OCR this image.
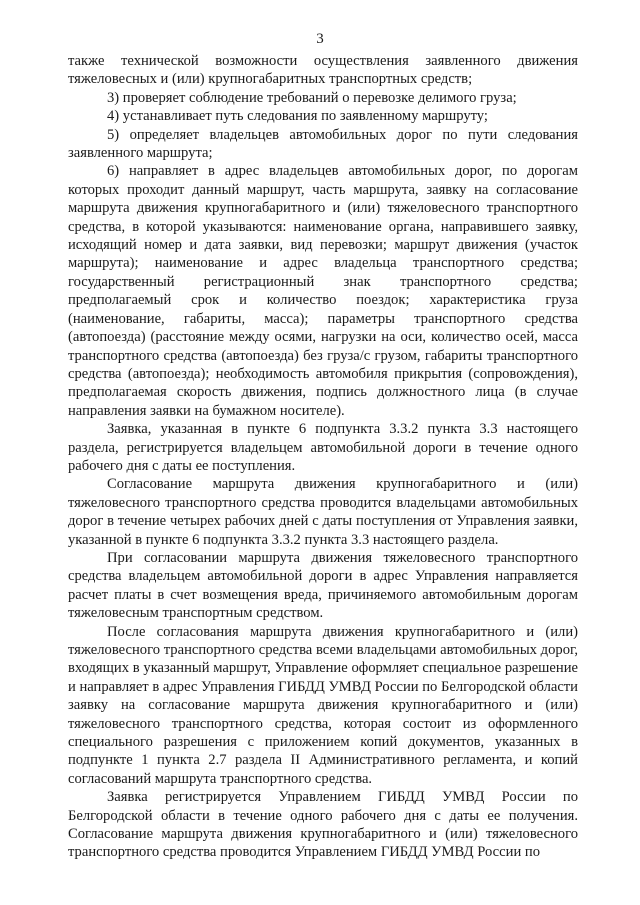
3

также технической возможности осуществления заявленного движения тяжеловесных и (или) крупногабаритных транспортных средств;

3) проверяет соблюдение требований о перевозке делимого груза;

4) устанавливает путь следования по заявленному маршруту;

5) определяет владельцев автомобильных дорог по пути следования заявленного маршрута;

6) направляет в адрес владельцев автомобильных дорог, по дорогам которых проходит данный маршрут, часть маршрута, заявку на согласование маршрута движения крупногабаритного и (или) тяжеловесного транспортного средства, в которой указываются: наименование органа, направившего заявку, исходящий номер и дата заявки, вид перевозки; маршрут движения (участок маршрута); наименование и адрес владельца транспортного средства; государственный регистрационный знак транспортного средства; предполагаемый срок и количество поездок; характеристика груза (наименование, габариты, масса); параметры транспортного средства (автопоезда) (расстояние между осями, нагрузки на оси, количество осей, масса транспортного средства (автопоезда) без груза/с грузом, габариты транспортного средства (автопоезда); необходимость автомобиля прикрытия (сопровождения), предполагаемая скорость движения, подпись должностного лица (в случае направления заявки на бумажном носителе).

Заявка, указанная в пункте 6 подпункта 3.3.2 пункта 3.3 настоящего раздела, регистрируется владельцем автомобильной дороги в течение одного рабочего дня с даты ее поступления.

Согласование маршрута движения крупногабаритного и (или) тяжеловесного транспортного средства проводится владельцами автомобильных дорог в течение четырех рабочих дней с даты поступления от Управления заявки, указанной в пункте 6 подпункта 3.3.2 пункта 3.3 настоящего раздела.

При согласовании маршрута движения тяжеловесного транспортного средства владельцем автомобильной дороги в адрес Управления направляется расчет платы в счет возмещения вреда, причиняемого автомобильным дорогам тяжеловесным транспортным средством.

После согласования маршрута движения крупногабаритного и (или) тяжеловесного транспортного средства всеми владельцами автомобильных дорог, входящих в указанный маршрут, Управление оформляет специальное разрешение и направляет в адрес Управления ГИБДД УМВД России по Белгородской области заявку на согласование маршрута движения крупногабаритного и (или) тяжеловесного транспортного средства, которая состоит из оформленного специального разрешения с приложением копий документов, указанных в подпункте 1 пункта 2.7 раздела II Административного регламента, и копий согласований маршрута транспортного средства.

Заявка регистрируется Управлением ГИБДД УМВД России по Белгородской области в течение одного рабочего дня с даты ее получения. Согласование маршрута движения крупногабаритного и (или) тяжеловесного транспортного средства проводится Управлением ГИБДД УМВД России по
